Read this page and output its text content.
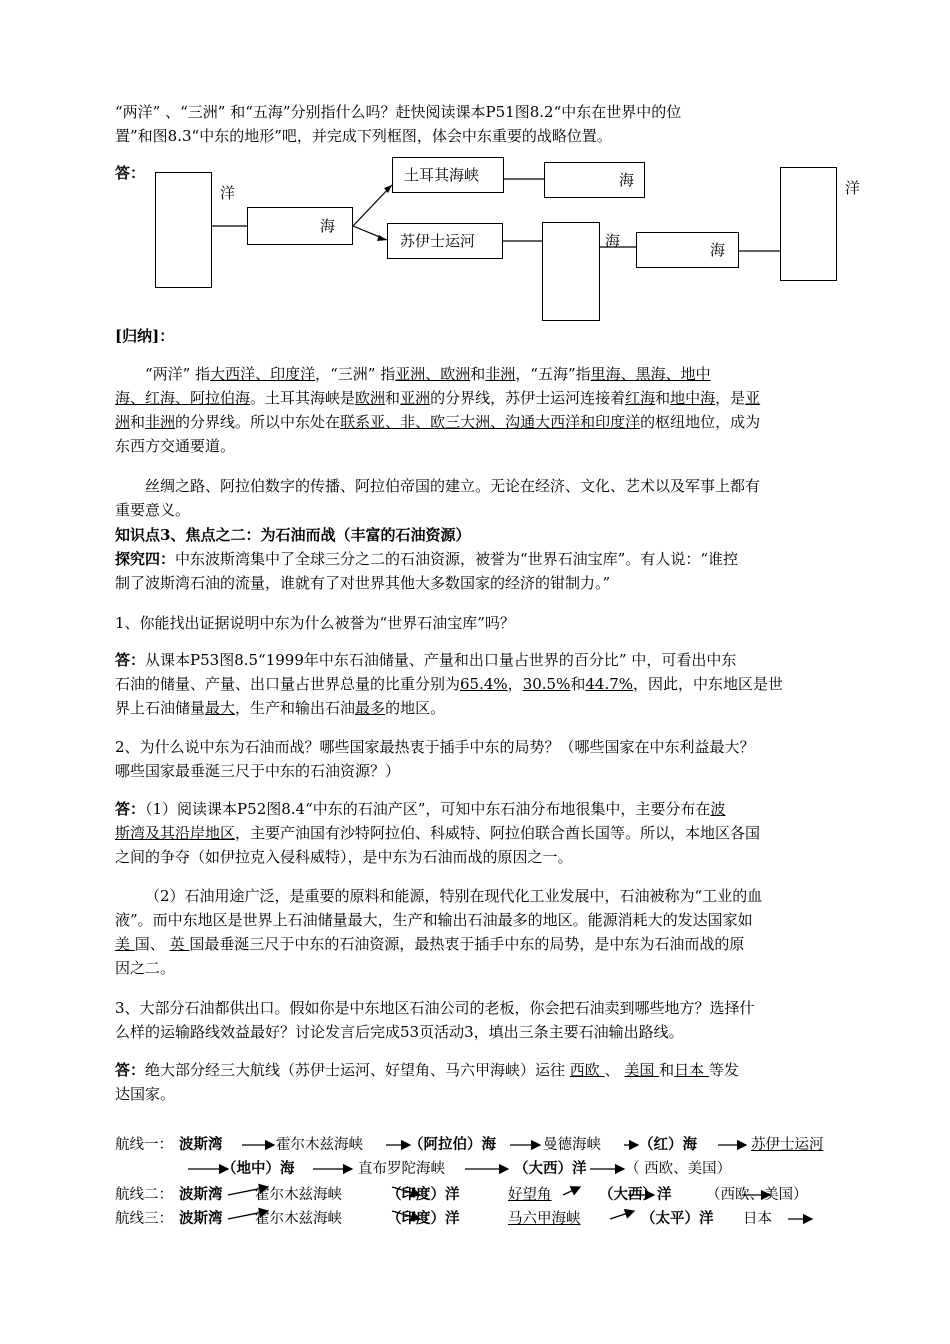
“两洋” 、“三洲” 和“五海”分别指什么吗？赶快阅读课本P51图8.2“中东在世界中的位

置”和图8.3“中东的地形”吧，并完成下列框图，体会中东重要的战略位置。

答：
洋
海
土耳其海峡	海
苏伊士运河	海	海
洋

[归纳]：

“两洋” 指大西洋、印度洋，“三洲” 指亚洲、欧洲和非洲，“五海”指里海、黑海、地中

海、红海、阿拉伯海。土耳其海峡是欧洲和亚洲的分界线，苏伊士运河连接着红海和地中海，是亚

洲和非洲的分界线。所以中东处在联系亚、非、欧三大洲、沟通大西洋和印度洋的枢纽地位，成为

东西方交通要道。

丝绸之路、阿拉伯数字的传播、阿拉伯帝国的建立。无论在经济、文化、艺术以及军事上都有

重要意义。

知识点3、焦点之二：为石油而战（丰富的石油资源）

探究四：中东波斯湾集中了全球三分之二的石油资源，被誉为“世界石油宝库”。有人说：“谁控

制了波斯湾石油的流量，谁就有了对世界其他大多数国家的经济的钳制力。”

1、你能找出证据说明中东为什么被誉为“世界石油宝库”吗？

答：从课本P53图8.5“1999年中东石油储量、产量和出口量占世界的百分比” 中，可看出中东

石油的储量、产量、出口量占世界总量的比重分别为65.4%，30.5%和44.7%，因此，中东地区是世

界上石油储量最大，生产和输出石油最多的地区。

2、为什么说中东为石油而战？哪些国家最热衷于插手中东的局势？（哪些国家在中东利益最大？

哪些国家最垂涎三尺于中东的石油资源？）

答：（1）阅读课本P52图8.4“中东的石油产区”，可知中东石油分布地很集中，主要分布在波

斯湾及其沿岸地区，主要产油国有沙特阿拉伯、科威特、阿拉伯联合酋长国等。所以，本地区各国

之间的争夺（如伊拉克入侵科威特），是中东为石油而战的原因之一。

（2）石油用途广泛，是重要的原料和能源，特别在现代化工业发展中，石油被称为“工业的血

液”。而中东地区是世界上石油储量最大，生产和输出石油最多的地区。能源消耗大的发达国家如

美 国、 英 国最垂涎三尺于中东的石油资源，最热衷于插手中东的局势，是中东为石油而战的原

因之二。

3、大部分石油都供出口。假如你是中东地区石油公司的老板，你会把石油卖到哪些地方？选择什

么样的运输路线效益最好？讨论发言后完成53页活动3，填出三条主要石油输出路线。

答：绝大部分经三大航线（苏伊士运河、好望角、马六甲海峡）运往 西欧 、 美国 和日本 等发

达国家。

航线一： 波斯湾	霍尔木兹海峡	（阿拉伯）海	曼德海峡	（红）海	苏伊士运河
（地中）海	直布罗陀海峡	（大西）洋	（ 西欧、美国）
航线二： 波斯湾 霍尔木兹海峡	（印度）洋	好望角	（大西）洋 （西欧、美国）
航线三： 波斯湾 霍尔木兹海峡	（印度）洋	马六甲海峡	（太平）洋 日本
